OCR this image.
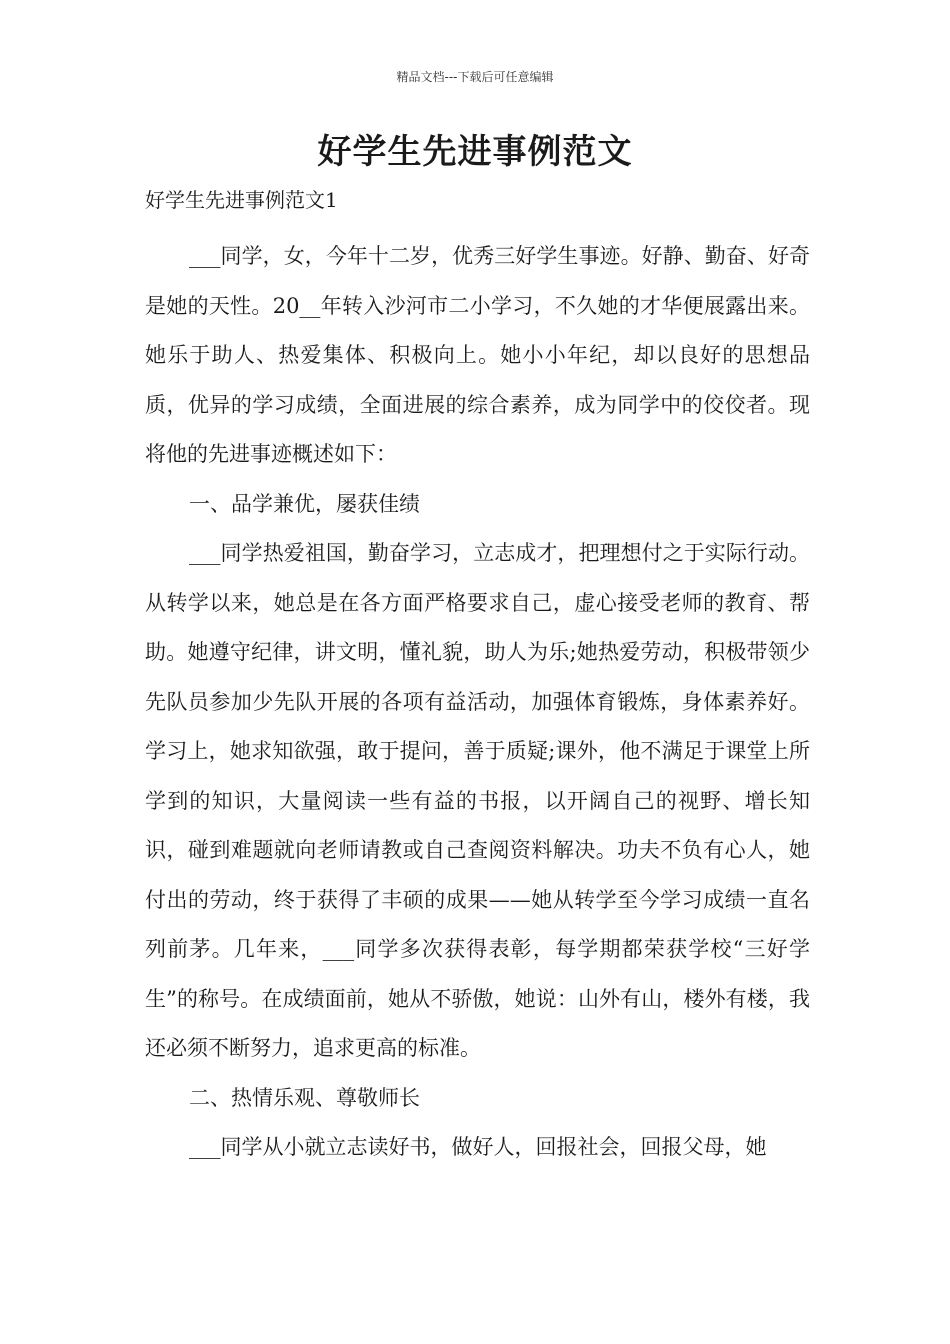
精品文档---下载后可任意编辑
好学生先进事例范文

好学生先进事例范文1

___同学，女，今年十二岁，优秀三好学生事迹。好静、勤奋、好奇是她的天性。20__年转入沙河市二小学习，不久她的才华便展露出来。她乐于助人、热爱集体、积极向上。她小小年纪，却以良好的思想品质，优异的学习成绩，全面进展的综合素养，成为同学中的佼佼者。现将他的先进事迹概述如下：

一、品学兼优，屡获佳绩

___同学热爱祖国，勤奋学习，立志成才，把理想付之于实际行动。从转学以来，她总是在各方面严格要求自己，虚心接受老师的教育、帮助。她遵守纪律，讲文明，懂礼貌，助人为乐;她热爱劳动，积极带领少先队员参加少先队开展的各项有益活动，加强体育锻炼，身体素养好。学习上，她求知欲强，敢于提问，善于质疑;课外，他不满足于课堂上所学到的知识，大量阅读一些有益的书报，以开阔自己的视野、增长知识，碰到难题就向老师请教或自己查阅资料解决。功夫不负有心人，她付出的劳动，终于获得了丰硕的成果——她从转学至今学习成绩一直名列前茅。几年来，___同学多次获得表彰，每学期都荣获学校“三好学生”的称号。在成绩面前，她从不骄傲，她说：山外有山，楼外有楼，我还必须不断努力，追求更高的标准。

二、热情乐观、尊敬师长

___同学从小就立志读好书，做好人，回报社会，回报父母，她
